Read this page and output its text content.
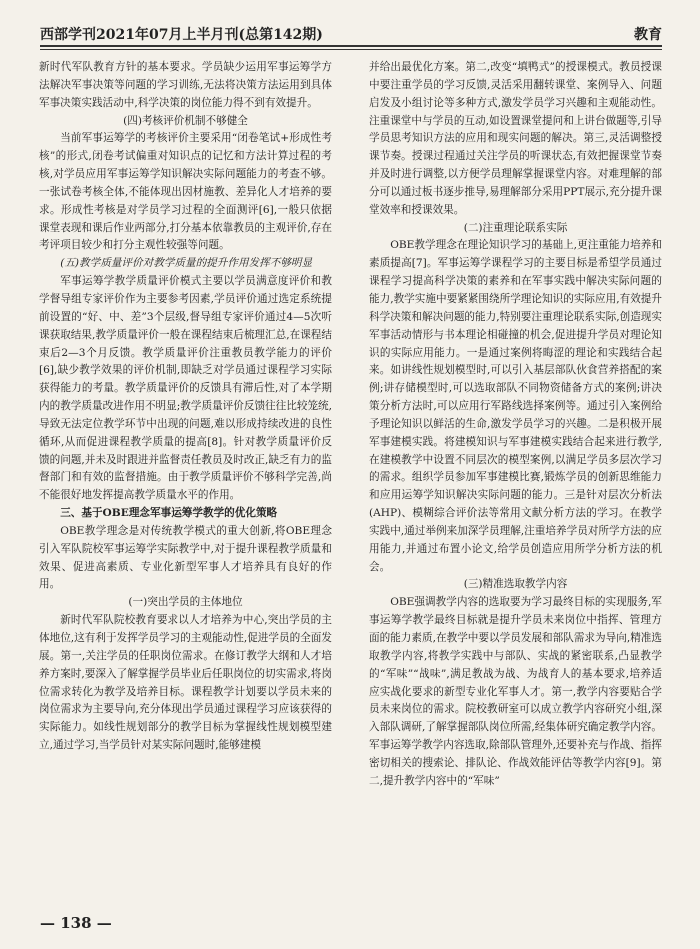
西部学刊2021年07月上半月刊(总第142期)	教育

新时代军队教育方针的基本要求。学员缺少运用军事运筹学方法解决军事决策等问题的学习训练,无法将决策方法运用到具体军事决策实践活动中,科学决策的岗位能力得不到有效提升。

(四)考核评价机制不够健全

当前军事运筹学的考核评价主要采用“闭卷笔试+形成性考核”的形式,闭卷考试偏重对知识点的记忆和方法计算过程的考核,对学员应用军事运筹学知识解决实际问题能力的考查不够。一张试卷考核全体,不能体现出因材施教、差异化人才培养的要求。形成性考核是对学员学习过程的全面测评[6],一般只依据课堂表现和课后作业两部分,打分基本依靠教员的主观评价,存在考评项目较少和打分主观性较强等问题。

(五)教学质量评价对教学质量的提升作用发挥不够明显

军事运筹学教学质量评价模式主要以学员满意度评价和教学督导组专家评价作为主要参考因素,学员评价通过选定系统提前设置的“好、中、差”3个层级,督导组专家评价通过4—5次听课获取结果,教学质量评价一般在课程结束后梳理汇总,在课程结束后2—3个月反馈。教学质量评价注重教员教学能力的评价[6],缺少教学效果的评价机制,即缺乏对学员通过课程学习实际获得能力的考量。教学质量评价的反馈具有滞后性,对了本学期内的教学质量改进作用不明显;教学质量评价反馈往往比较笼统,导致无法定位教学环节中出现的问题,难以形成持续改进的良性循环,从而促进课程教学质量的提高[8]。针对教学质量评价反馈的问题,并未及时跟进并监督责任教员及时改正,缺乏有力的监督部门和有效的监督措施。由于教学质量评价不够科学完善,尚不能很好地发挥提高教学质量水平的作用。

三、基于OBE理念军事运筹学教学的优化策略

OBE教学理念是对传统教学模式的重大创新,将OBE理念引入军队院校军事运筹学实际教学中,对于提升课程教学质量和效果、促进高素质、专业化新型军事人才培养具有良好的作用。

(一)突出学员的主体地位

新时代军队院校教育要求以人才培养为中心,突出学员的主体地位,这有利于发挥学员学习的主观能动性,促进学员的全面发展。第一,关注学员的任职岗位需求。在修订教学大纲和人才培养方案时,要深入了解掌握学员毕业后任职岗位的切实需求,将岗位需求转化为教学及培养目标。课程教学计划要以学员未来的岗位需求为主要导向,充分体现出学员通过课程学习应该获得的实际能力。如线性规划部分的教学目标为掌握线性规划模型建立,通过学习,当学员针对某实际问题时,能够建模

并给出最优化方案。第二,改变“填鸭式”的授课模式。教员授课中要注重学员的学习反馈,灵活采用翻转课堂、案例导入、问题启发及小组讨论等多种方式,激发学员学习兴趣和主观能动性。注重课堂中与学员的互动,如设置课堂提问和上讲台做题等,引导学员思考知识方法的应用和现实问题的解决。第三,灵活调整授课节奏。授课过程通过关注学员的听课状态,有效把握课堂节奏并及时进行调整,以方便学员理解掌握课堂内容。对难理解的部分可以通过板书逐步推导,易理解部分采用PPT展示,充分提升课堂效率和授课效果。

(二)注重理论联系实际

OBE教学理念在理论知识学习的基础上,更注重能力培养和素质提高[7]。军事运筹学课程学习的主要目标是希望学员通过课程学习提高科学决策的素养和在军事实践中解决实际问题的能力,教学实施中要紧紧围绕所学理论知识的实际应用,有效提升科学决策和解决问题的能力,特别要注重理论联系实际,创造现实军事活动情形与书本理论相碰撞的机会,促进提升学员对理论知识的实际应用能力。一是通过案例将晦涩的理论和实践结合起来。如讲线性规划模型时,可以引入基层部队伙食营养搭配的案例;讲存储模型时,可以选取部队不同物资储备方式的案例;讲决策分析方法时,可以应用行军路线选择案例等。通过引入案例给予理论知识以鲜活的生命,激发学员学习的兴趣。二是积极开展军事建模实践。将建模知识与军事建模实践结合起来进行教学,在建模教学中设置不同层次的模型案例,以满足学员多层次学习的需求。组织学员参加军事建模比赛,锻炼学员的创新思维能力和应用运筹学知识解决实际问题的能力。三是针对层次分析法(AHP)、模糊综合评价法等常用文献分析方法的学习。在教学实践中,通过举例来加深学员理解,注重培养学员对所学方法的应用能力,并通过布置小论文,给学员创造应用所学分析方法的机会。

(三)精准选取教学内容

OBE强调教学内容的选取要为学习最终目标的实现服务,军事运筹学教学最终目标就是提升学员未来岗位中指挥、管理方面的能力素质,在教学中要以学员发展和部队需求为导向,精准选取教学内容,将教学实践中与部队、实战的紧密联系,凸显教学的“军味”“战味”,满足教战为战、为战育人的基本要求,培养适应实战化要求的新型专业化军事人才。第一,教学内容要贴合学员未来岗位的需求。院校教研室可以成立教学内容研究小组,深入部队调研,了解掌握部队岗位所需,经集体研究确定教学内容。军事运筹学教学内容选取,除部队管理外,还要补充与作战、指挥密切相关的搜索论、排队论、作战效能评估等教学内容[9]。第二,提升教学内容中的“军味”

— 138 —
